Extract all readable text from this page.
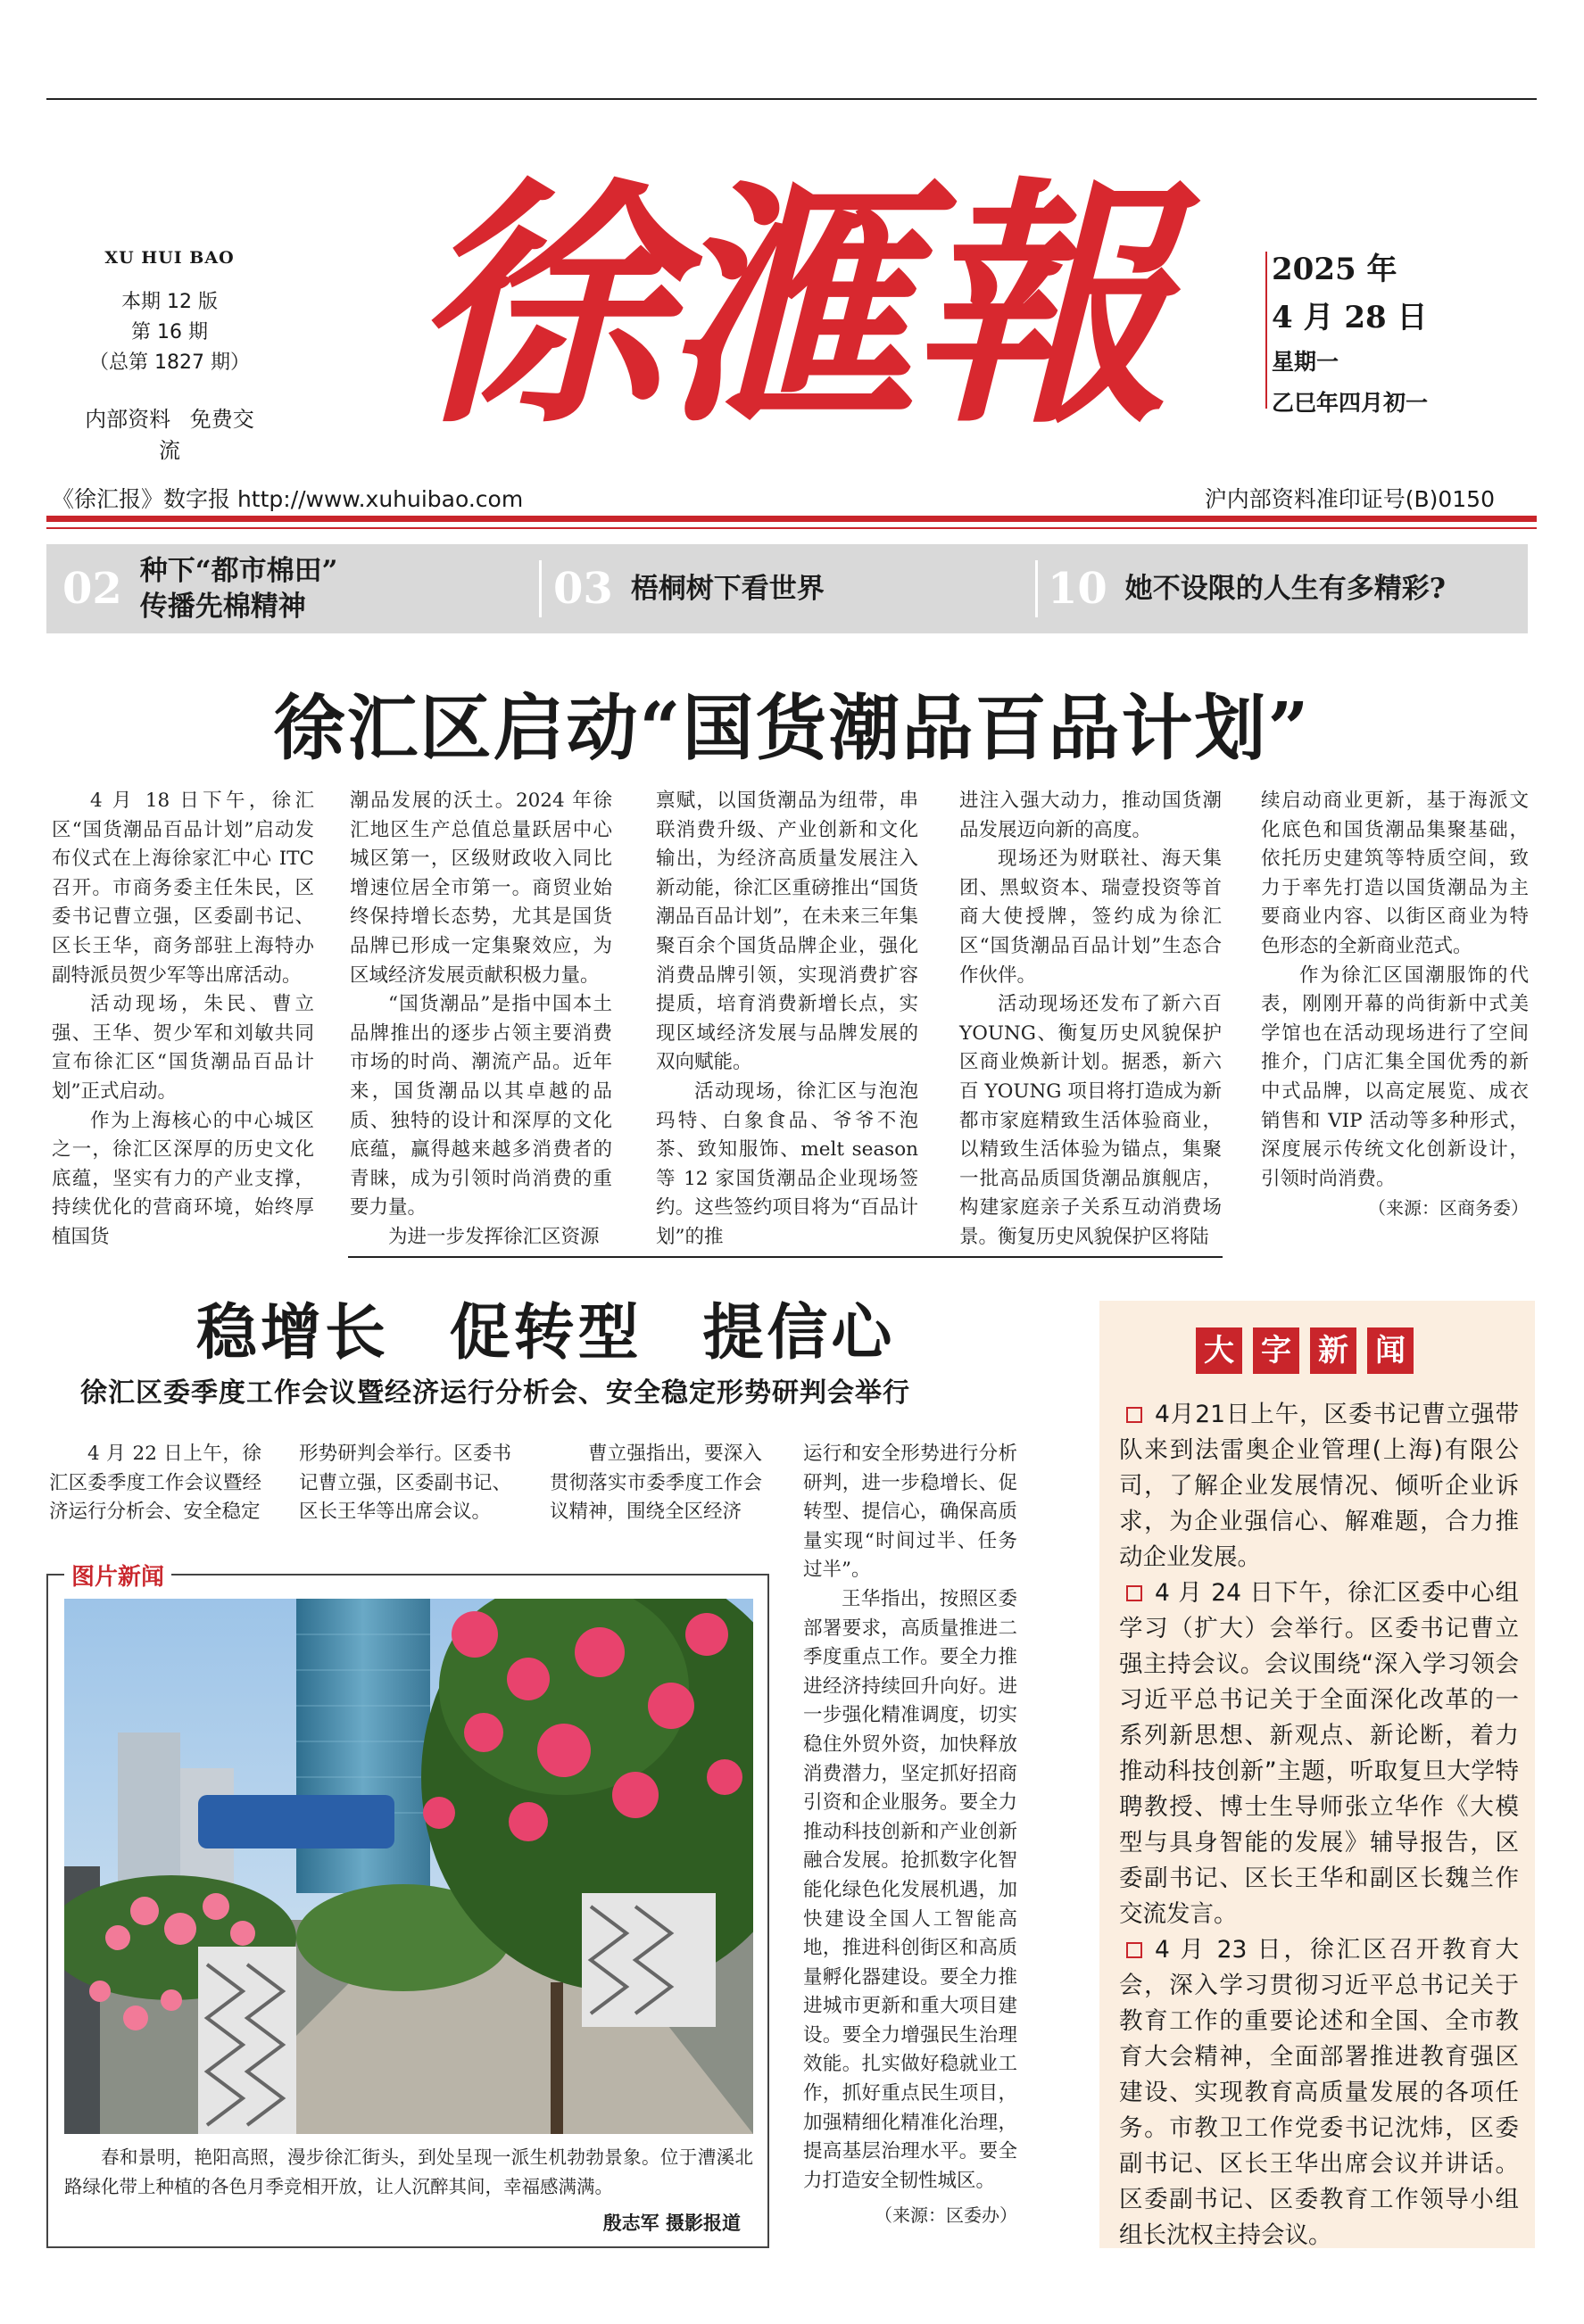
XU HUI BAO
本期 12 版
第 16 期
（总第 1827 期）
内部资料 免费交流 徐滙報	2025 年
4 月 28 日
星期一
乙巳年四月初一
《徐汇报》数字报 http://www.xuhuibao.com	沪内部资料准印证号(B)0150
02 种下“都市棉田”
传播先棉精神	03 梧桐树下看世界	10 她不设限的人生有多精彩?
徐汇区启动“国货潮品百品计划”

4 月 18 日下午，徐汇区“国货潮品百品计划”启动发布仪式在上海徐家汇中心 ITC 召开。市商务委主任朱民，区委书记曹立强，区委副书记、区长王华，商务部驻上海特办副特派员贺少军等出席活动。

活动现场，朱民、曹立强、王华、贺少军和刘敏共同宣布徐汇区“国货潮品百品计划”正式启动。

作为上海核心的中心城区之一，徐汇区深厚的历史文化底蕴，坚实有力的产业支撑，持续优化的营商环境，始终厚植国货

潮品发展的沃土。2024 年徐汇地区生产总值总量跃居中心城区第一，区级财政收入同比增速位居全市第一。商贸业始终保持增长态势，尤其是国货品牌已形成一定集聚效应，为区域经济发展贡献积极力量。

“国货潮品”是指中国本土品牌推出的逐步占领主要消费市场的时尚、潮流产品。近年来，国货潮品以其卓越的品质、独特的设计和深厚的文化底蕴，赢得越来越多消费者的青睐，成为引领时尚消费的重要力量。

为进一步发挥徐汇区资源

禀赋，以国货潮品为纽带，串联消费升级、产业创新和文化输出，为经济高质量发展注入新动能，徐汇区重磅推出“国货潮品百品计划”，在未来三年集聚百余个国货品牌企业，强化消费品牌引领，实现消费扩容提质，培育消费新增长点，实现区域经济发展与品牌发展的双向赋能。

活动现场，徐汇区与泡泡玛特、白象食品、爷爷不泡茶、致知服饰、melt season 等 12 家国货潮品企业现场签约。这些签约项目将为“百品计划”的推

进注入强大动力，推动国货潮品发展迈向新的高度。

现场还为财联社、海天集团、黑蚁资本、瑞壹投资等首商大使授牌，签约成为徐汇区“国货潮品百品计划”生态合作伙伴。

活动现场还发布了新六百 YOUNG、衡复历史风貌保护区商业焕新计划。据悉，新六百 YOUNG 项目将打造成为新都市家庭精致生活体验商业，以精致生活体验为锚点，集聚一批高品质国货潮品旗舰店，构建家庭亲子关系互动消费场景。衡复历史风貌保护区将陆

续启动商业更新，基于海派文化底色和国货潮品集聚基础，依托历史建筑等特质空间，致力于率先打造以国货潮品为主要商业内容、以街区商业为特色形态的全新商业范式。

作为徐汇区国潮服饰的代表，刚刚开幕的尚街新中式美学馆也在活动现场进行了空间推介，门店汇集全国优秀的新中式品牌，以高定展览、成衣销售和 VIP 活动等多种形式，深度展示传统文化创新设计，引领时尚消费。

（来源：区商务委）
稳增长 促转型 提信心
徐汇区委季度工作会议暨经济运行分析会、安全稳定形势研判会举行

4 月 22 日上午，徐汇区委季度工作会议暨经济运行分析会、安全稳定

形势研判会举行。区委书记曹立强，区委副书记、区长王华等出席会议。

曹立强指出，要深入贯彻落实市委季度工作会议精神，围绕全区经济

运行和安全形势进行分析研判，进一步稳增长、促转型、提信心，确保高质量实现“时间过半、任务过半”。

王华指出，按照区委部署要求，高质量推进二季度重点工作。要全力推进经济持续回升向好。进一步强化精准调度，切实稳住外贸外资，加快释放消费潜力，坚定抓好招商引资和企业服务。要全力推动科技创新和产业创新融合发展。抢抓数字化智能化绿色化发展机遇，加快建设全国人工智能高地，推进科创街区和高质量孵化器建设。要全力推进城市更新和重大项目建设。要全力增强民生治理效能。扎实做好稳就业工作，抓好重点民生项目，加强精细化精准化治理，提高基层治理水平。要全力打造安全韧性城区。

（来源：区委办）
图片新闻
春和景明，艳阳高照，漫步徐汇街头，到处呈现一派生机勃勃景象。位于漕溪北路绿化带上种植的各色月季竞相开放，让人沉醉其间，幸福感满满。
殷志军 摄影报道
大 字 新 闻

4月21日上午，区委书记曹立强带队来到法雷奥企业管理(上海)有限公司，了解企业发展情况、倾听企业诉求，为企业强信心、解难题，合力推动企业发展。

4 月 24 日下午，徐汇区委中心组学习（扩大）会举行。区委书记曹立强主持会议。会议围绕“深入学习领会习近平总书记关于全面深化改革的一系列新思想、新观点、新论断，着力推动科技创新”主题，听取复旦大学特聘教授、博士生导师张立华作《大模型与具身智能的发展》辅导报告，区委副书记、区长王华和副区长魏兰作交流发言。

4 月 23 日，徐汇区召开教育大会，深入学习贯彻习近平总书记关于教育工作的重要论述和全国、全市教育大会精神，全面部署推进教育强区建设、实现教育高质量发展的各项任务。市教卫工作党委书记沈炜，区委副书记、区长王华出席会议并讲话。区委副书记、区委教育工作领导小组组长沈权主持会议。
